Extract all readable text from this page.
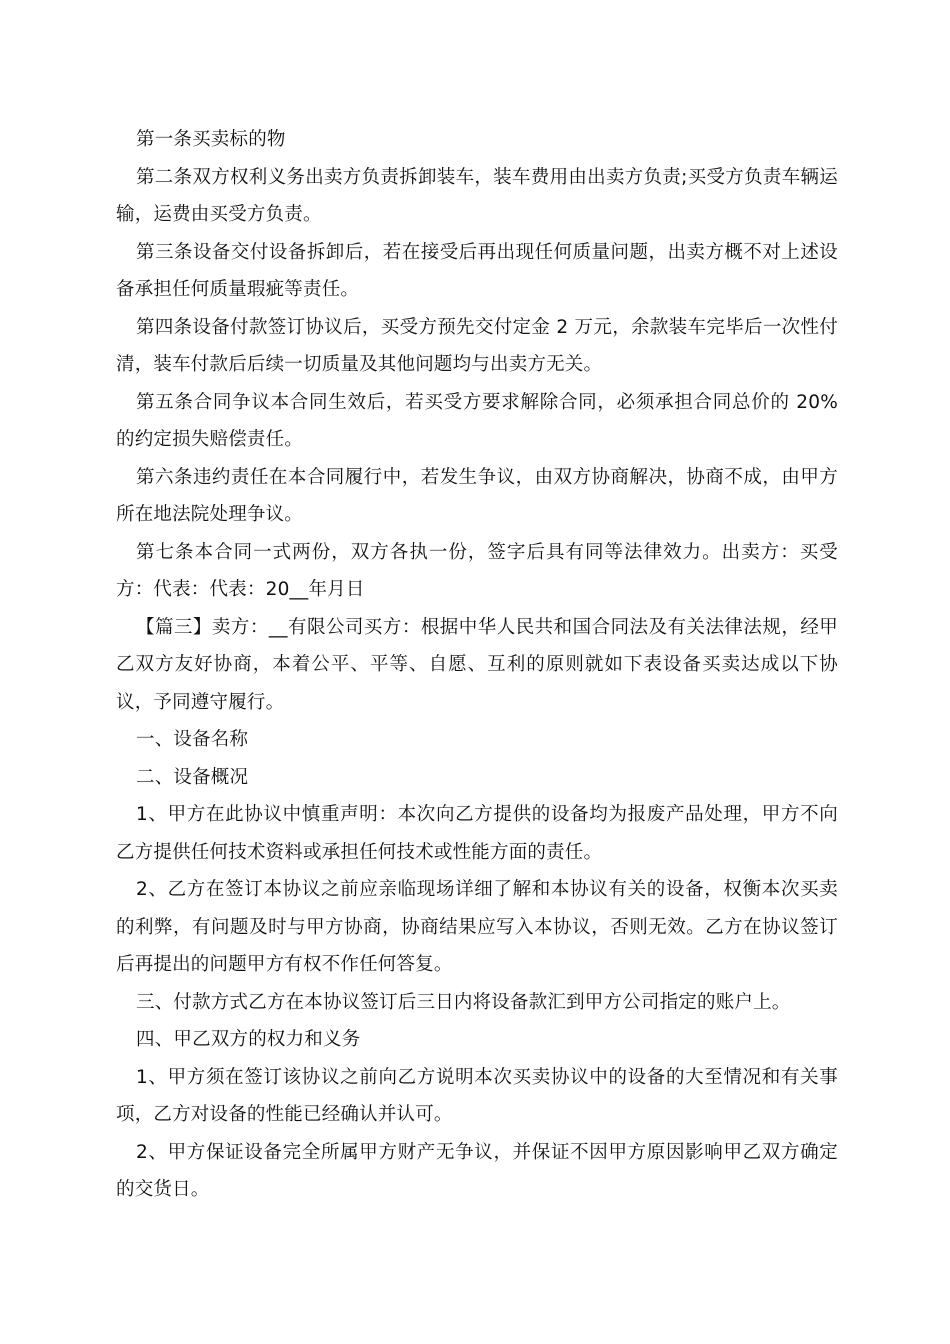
第一条买卖标的物

第二条双方权利义务出卖方负责拆卸装车，装车费用由出卖方负责;买受方负责车辆运输，运费由买受方负责。

第三条设备交付设备拆卸后，若在接受后再出现任何质量问题，出卖方概不对上述设备承担任何质量瑕疵等责任。

第四条设备付款签订协议后，买受方预先交付定金 2 万元，余款装车完毕后一次性付清，装车付款后后续一切质量及其他问题均与出卖方无关。

第五条合同争议本合同生效后，若买受方要求解除合同，必须承担合同总价的 20%的约定损失赔偿责任。

第六条违约责任在本合同履行中，若发生争议，由双方协商解决，协商不成，由甲方所在地法院处理争议。

第七条本合同一式两份，双方各执一份，签字后具有同等法律效力。出卖方：买受方：代表：代表：20__年月日

【篇三】卖方：__有限公司买方：根据中华人民共和国合同法及有关法律法规，经甲乙双方友好协商，本着公平、平等、自愿、互利的原则就如下表设备买卖达成以下协议，予同遵守履行。

一、设备名称

二、设备概况

1、甲方在此协议中慎重声明：本次向乙方提供的设备均为报废产品处理，甲方不向乙方提供任何技术资料或承担任何技术或性能方面的责任。

2、乙方在签订本协议之前应亲临现场详细了解和本协议有关的设备，权衡本次买卖的利弊，有问题及时与甲方协商，协商结果应写入本协议，否则无效。乙方在协议签订后再提出的问题甲方有权不作任何答复。

三、付款方式乙方在本协议签订后三日内将设备款汇到甲方公司指定的账户上。

四、甲乙双方的权力和义务

1、甲方须在签订该协议之前向乙方说明本次买卖协议中的设备的大至情况和有关事项，乙方对设备的性能已经确认并认可。

2、甲方保证设备完全所属甲方财产无争议，并保证不因甲方原因影响甲乙双方确定的交货日。
